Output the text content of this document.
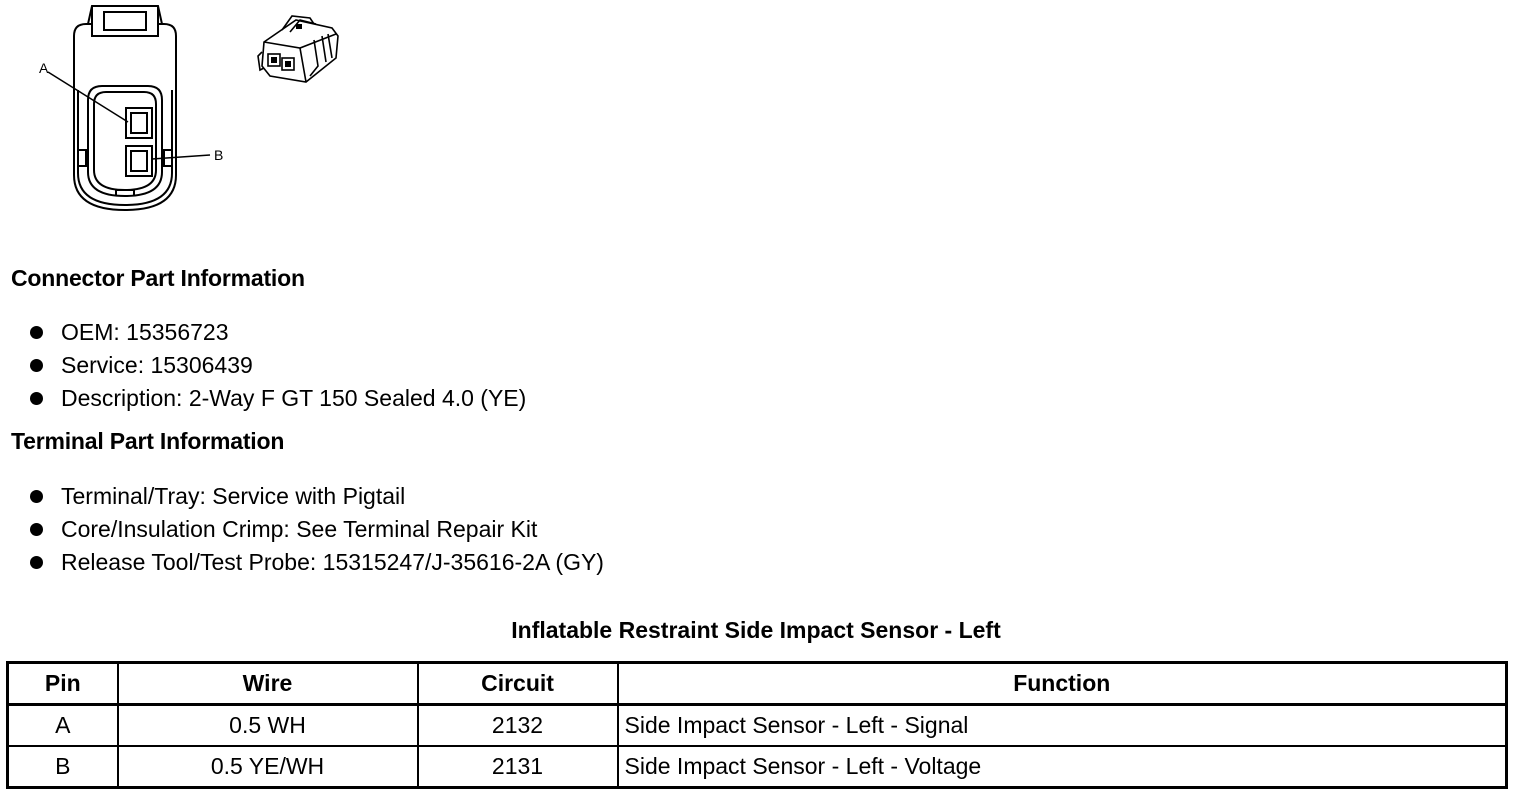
A
B
Connector Part Information
OEM: 15356723
Service: 15306439
Description: 2-Way F GT 150 Sealed 4.0 (YE)
Terminal Part Information
Terminal/Tray: Service with Pigtail
Core/Insulation Crimp: See Terminal Repair Kit
Release Tool/Test Probe: 15315247/J-35616-2A (GY)
Inflatable Restraint Side Impact Sensor - Left
Pin	Wire	Circuit	Function
A	0.5 WH	2132	Side Impact Sensor - Left - Signal
B	0.5 YE/WH	2131	Side Impact Sensor - Left - Voltage
